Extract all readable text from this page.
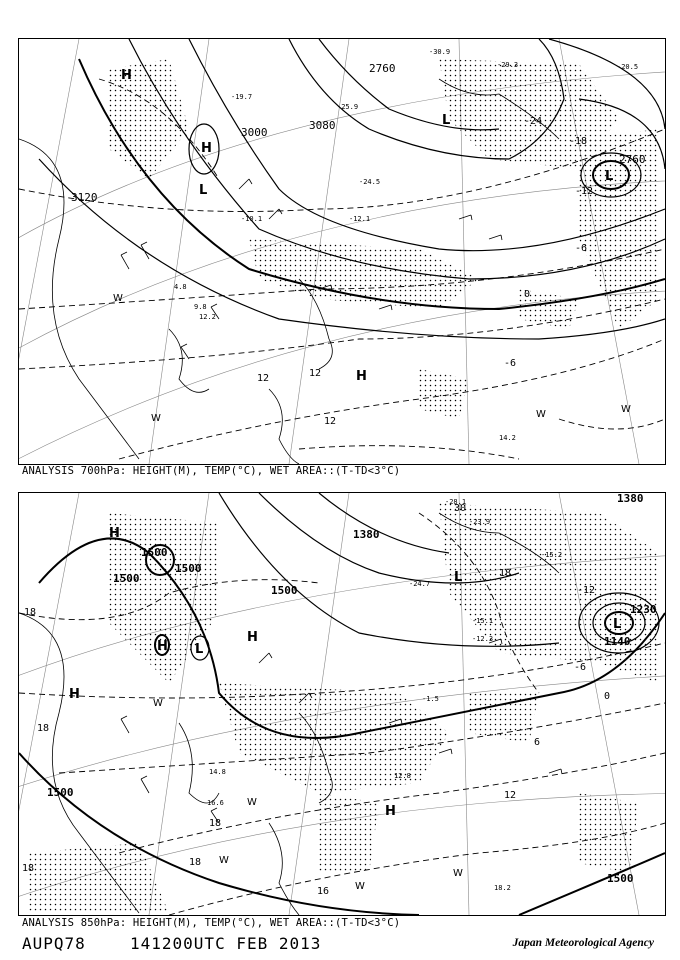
3000
3120
3080
2760
2760
-24
-18
-12
-6
0
-6
12	12
12
H
H
L
L
L
H
W
W	W	W
-30.9
-29.3	-20.5
-25.9
-19.7
-24.5
-12.1
-10.1
4.8
9.8
12.2
14.2
ANALYSIS 700hPa: HEIGHT(M), TEMP(°C), WET AREA::(T-TD<3°C)
1500
1500
1500
1500
1380
1380
1230
1140
1500
1500
30
18
-12
-6
0
6
12
18
18
18
18
18
16
H
H L
L
L
H
H
H
W
W
W
W
W
-28.1
-23.9
-15.2
-24.7
-15.1
-12.3
-1.5
14.8	12.8
16.6
18.2
ANALYSIS 850hPa: HEIGHT(M), TEMP(°C), WET AREA::(T-TD<3°C)
AUPQ78	141200UTC FEB 2013	Japan Meteorological Agency
